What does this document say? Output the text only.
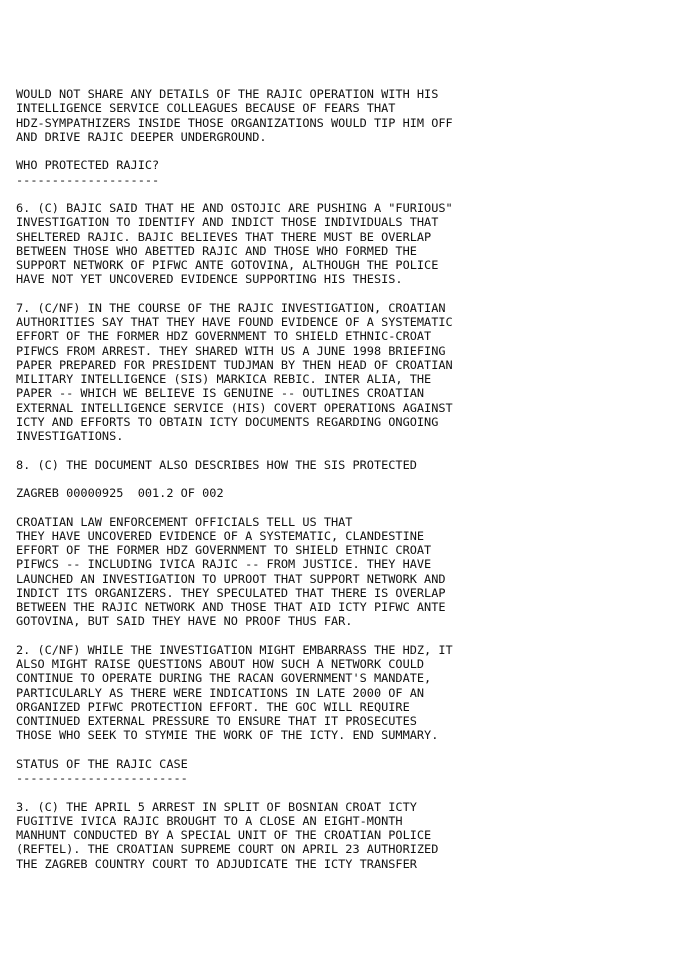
WOULD NOT SHARE ANY DETAILS OF THE RAJIC OPERATION WITH HIS
INTELLIGENCE SERVICE COLLEAGUES BECAUSE OF FEARS THAT
HDZ-SYMPATHIZERS INSIDE THOSE ORGANIZATIONS WOULD TIP HIM OFF
AND DRIVE RAJIC DEEPER UNDERGROUND.
WHO PROTECTED RAJIC?
--------------------
6. (C) BAJIC SAID THAT HE AND OSTOJIC ARE PUSHING A "FURIOUS"
INVESTIGATION TO IDENTIFY AND INDICT THOSE INDIVIDUALS THAT
SHELTERED RAJIC. BAJIC BELIEVES THAT THERE MUST BE OVERLAP
BETWEEN THOSE WHO ABETTED RAJIC AND THOSE WHO FORMED THE
SUPPORT NETWORK OF PIFWC ANTE GOTOVINA, ALTHOUGH THE POLICE
HAVE NOT YET UNCOVERED EVIDENCE SUPPORTING HIS THESIS.
7. (C/NF) IN THE COURSE OF THE RAJIC INVESTIGATION, CROATIAN
AUTHORITIES SAY THAT THEY HAVE FOUND EVIDENCE OF A SYSTEMATIC
EFFORT OF THE FORMER HDZ GOVERNMENT TO SHIELD ETHNIC-CROAT
PIFWCS FROM ARREST. THEY SHARED WITH US A JUNE 1998 BRIEFING
PAPER PREPARED FOR PRESIDENT TUDJMAN BY THEN HEAD OF CROATIAN
MILITARY INTELLIGENCE (SIS) MARKICA REBIC. INTER ALIA, THE
PAPER -- WHICH WE BELIEVE IS GENUINE -- OUTLINES CROATIAN
EXTERNAL INTELLIGENCE SERVICE (HIS) COVERT OPERATIONS AGAINST
ICTY AND EFFORTS TO OBTAIN ICTY DOCUMENTS REGARDING ONGOING
INVESTIGATIONS.
8. (C) THE DOCUMENT ALSO DESCRIBES HOW THE SIS PROTECTED
ZAGREB 00000925  001.2 OF 002
CROATIAN LAW ENFORCEMENT OFFICIALS TELL US THAT
THEY HAVE UNCOVERED EVIDENCE OF A SYSTEMATIC, CLANDESTINE
EFFORT OF THE FORMER HDZ GOVERNMENT TO SHIELD ETHNIC CROAT
PIFWCS -- INCLUDING IVICA RAJIC -- FROM JUSTICE. THEY HAVE
LAUNCHED AN INVESTIGATION TO UPROOT THAT SUPPORT NETWORK AND
INDICT ITS ORGANIZERS. THEY SPECULATED THAT THERE IS OVERLAP
BETWEEN THE RAJIC NETWORK AND THOSE THAT AID ICTY PIFWC ANTE
GOTOVINA, BUT SAID THEY HAVE NO PROOF THUS FAR.
2. (C/NF) WHILE THE INVESTIGATION MIGHT EMBARRASS THE HDZ, IT
ALSO MIGHT RAISE QUESTIONS ABOUT HOW SUCH A NETWORK COULD
CONTINUE TO OPERATE DURING THE RACAN GOVERNMENT'S MANDATE,
PARTICULARLY AS THERE WERE INDICATIONS IN LATE 2000 OF AN
ORGANIZED PIFWC PROTECTION EFFORT. THE GOC WILL REQUIRE
CONTINUED EXTERNAL PRESSURE TO ENSURE THAT IT PROSECUTES
THOSE WHO SEEK TO STYMIE THE WORK OF THE ICTY. END SUMMARY.
STATUS OF THE RAJIC CASE
------------------------
3. (C) THE APRIL 5 ARREST IN SPLIT OF BOSNIAN CROAT ICTY
FUGITIVE IVICA RAJIC BROUGHT TO A CLOSE AN EIGHT-MONTH
MANHUNT CONDUCTED BY A SPECIAL UNIT OF THE CROATIAN POLICE
(REFTEL). THE CROATIAN SUPREME COURT ON APRIL 23 AUTHORIZED
THE ZAGREB COUNTRY COURT TO ADJUDICATE THE ICTY TRANSFER
